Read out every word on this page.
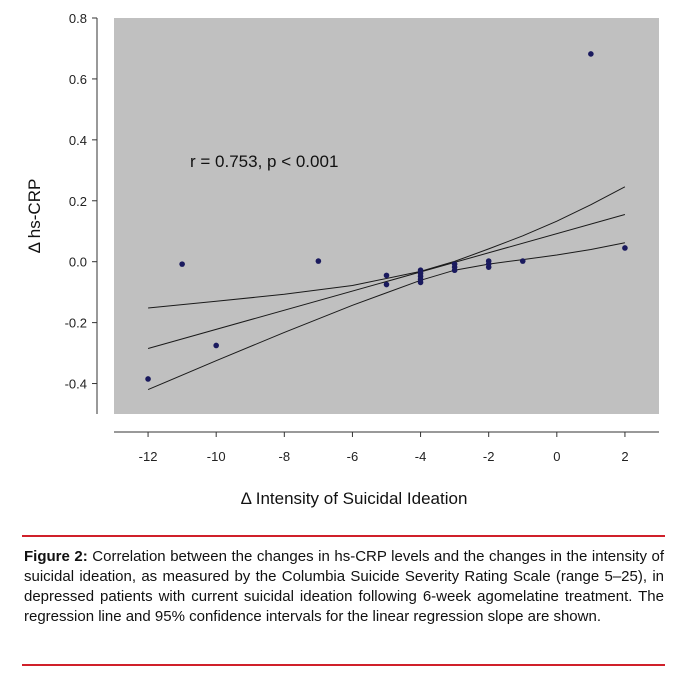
0.8
0.6
0.4
0.2
0.0
-0.2
-0.4
-12	-10	-8	-6	-4	-2	0	2
r = 0.753, p < 0.001
Δ Intensity of Suicidal Ideation
Δ hs-CRP

Figure 2: Correlation between the changes in hs-CRP levels and the changes in the intensity of suicidal ideation, as measured by the Columbia Suicide Severity Rating Scale (range 5–25), in depressed patients with current suicidal ideation following 6-week agomelatine treatment. The regression line and 95% confidence intervals for the linear regression slope are shown.
